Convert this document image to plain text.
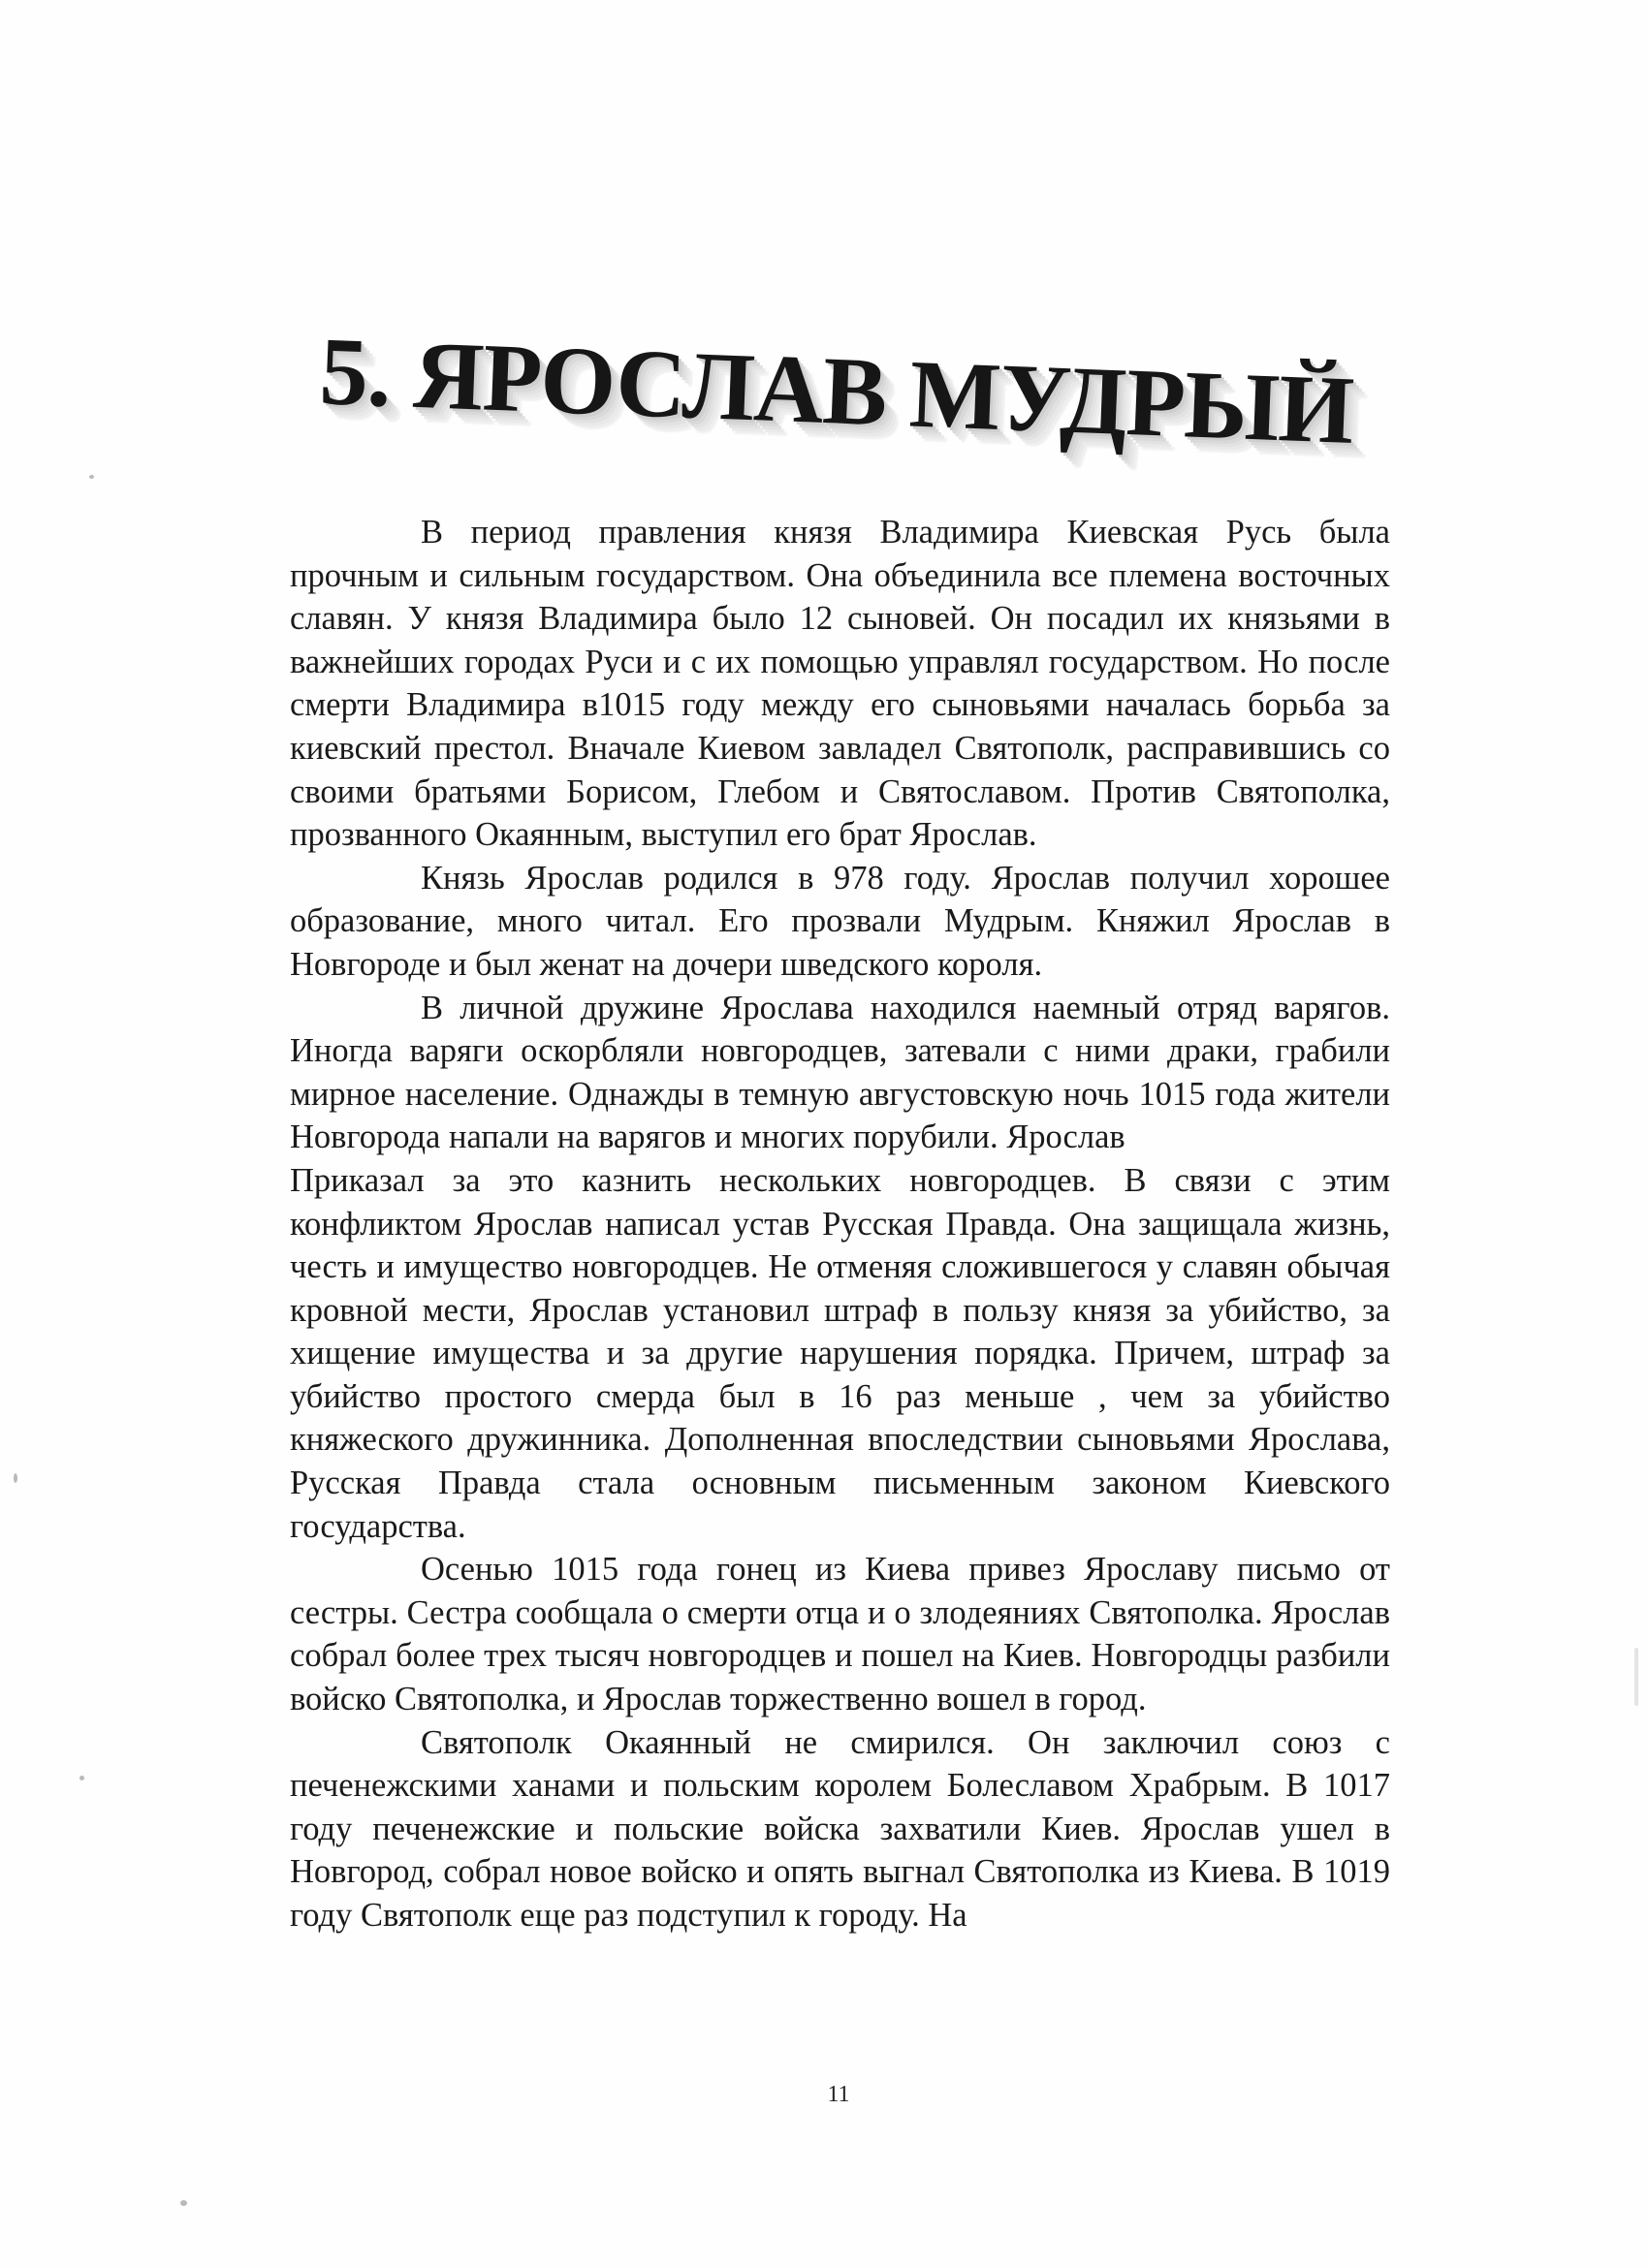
5. ЯРОСЛАВ МУДРЫЙ

В период правления князя Владимира Киевская Русь была прочным и сильным государством. Она объединила все племена восточных славян. У князя Владимира было 12 сыновей. Он посадил их князьями в важнейших городах Руси и с их помощью управлял государством. Но после смерти Владимира в1015 году между его сыновьями началась борьба за киевский престол. Вначале Киевом завладел Святополк, расправившись со своими братьями Борисом, Глебом и Святославом. Против Святополка, прозванного Окаянным, выступил его брат Ярослав.

Князь Ярослав родился в 978 году. Ярослав получил хорошее образование, много читал. Его прозвали Мудрым. Княжил Ярослав в Новгороде и был женат на дочери шведского короля.

В личной дружине Ярослава находился наемный отряд варягов. Иногда варяги оскорбляли новгородцев, затевали с ними драки, грабили мирное население. Однажды в темную августовскую ночь 1015 года жители Новгорода напали на варягов и многих порубили. Ярослав

Приказал за это казнить нескольких новгородцев. В связи с этим конфликтом Ярослав написал устав Русская Правда. Она защищала жизнь, честь и имущество новгородцев. Не отменяя сложившегося у славян обычая кровной мести, Ярослав установил штраф в пользу князя за убийство, за хищение имущества и за другие нарушения порядка. Причем, штраф за убийство простого смерда был в 16 раз меньше , чем за убийство княжеского дружинника. Дополненная впоследствии сыновьями Ярослава, Русская Правда стала основным письменным законом Киевского государства.

Осенью 1015 года гонец из Киева привез Ярославу письмо от сестры. Сестра сообщала о смерти отца и о злодеяниях Святополка. Ярослав собрал более трех тысяч новгородцев и пошел на Киев. Новгородцы разбили войско Святополка, и Ярослав торжественно вошел в город.

Святополк Окаянный не смирился. Он заключил союз с печенежскими ханами и польским королем Болеславом Храбрым. В 1017 году печенежские и польские войска захватили Киев. Ярослав ушел в Новгород, собрал новое войско и опять выгнал Святополка из Киева. В 1019 году Святополк еще раз подступил к городу. На

11
